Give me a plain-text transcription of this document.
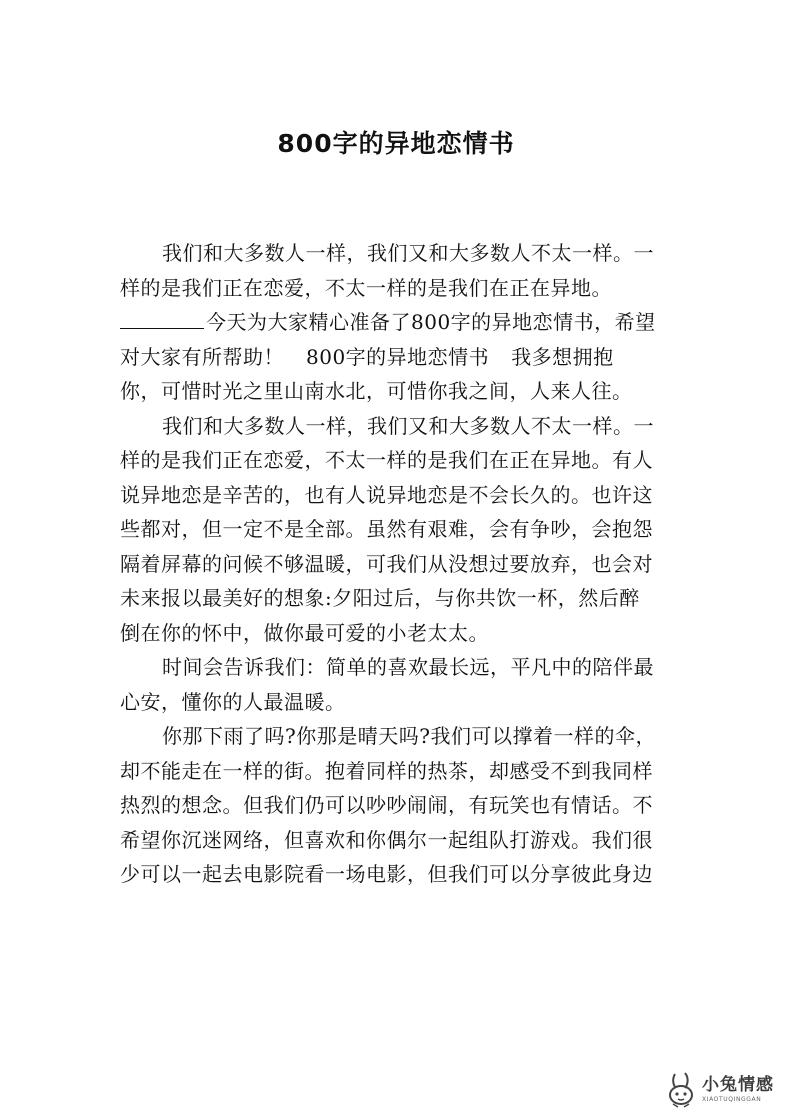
800字的异地恋情书
我们和大多数人一样，我们又和大多数人不太一样。一
样的是我们正在恋爱，不太一样的是我们在正在异地。
今天为大家精心准备了800字的异地恋情书，希望
对大家有所帮助！ 800字的异地恋情书 我多想拥抱
你，可惜时光之里山南水北，可惜你我之间，人来人往。
我们和大多数人一样，我们又和大多数人不太一样。一
样的是我们正在恋爱，不太一样的是我们在正在异地。有人
说异地恋是辛苦的，也有人说异地恋是不会长久的。也许这
些都对，但一定不是全部。虽然有艰难，会有争吵，会抱怨
隔着屏幕的问候不够温暖，可我们从没想过要放弃，也会对
未来报以最美好的想象:夕阳过后，与你共饮一杯，然后醉
倒在你的怀中，做你最可爱的小老太太。
时间会告诉我们：简单的喜欢最长远，平凡中的陪伴最
心安，懂你的人最温暖。
你那下雨了吗?你那是晴天吗?我们可以撑着一样的伞，
却不能走在一样的街。抱着同样的热茶，却感受不到我同样
热烈的想念。但我们仍可以吵吵闹闹，有玩笑也有情话。不
希望你沉迷网络，但喜欢和你偶尔一起组队打游戏。我们很
少可以一起去电影院看一场电影，但我们可以分享彼此身边
小兔情感
XIAOTUQINGGAN
